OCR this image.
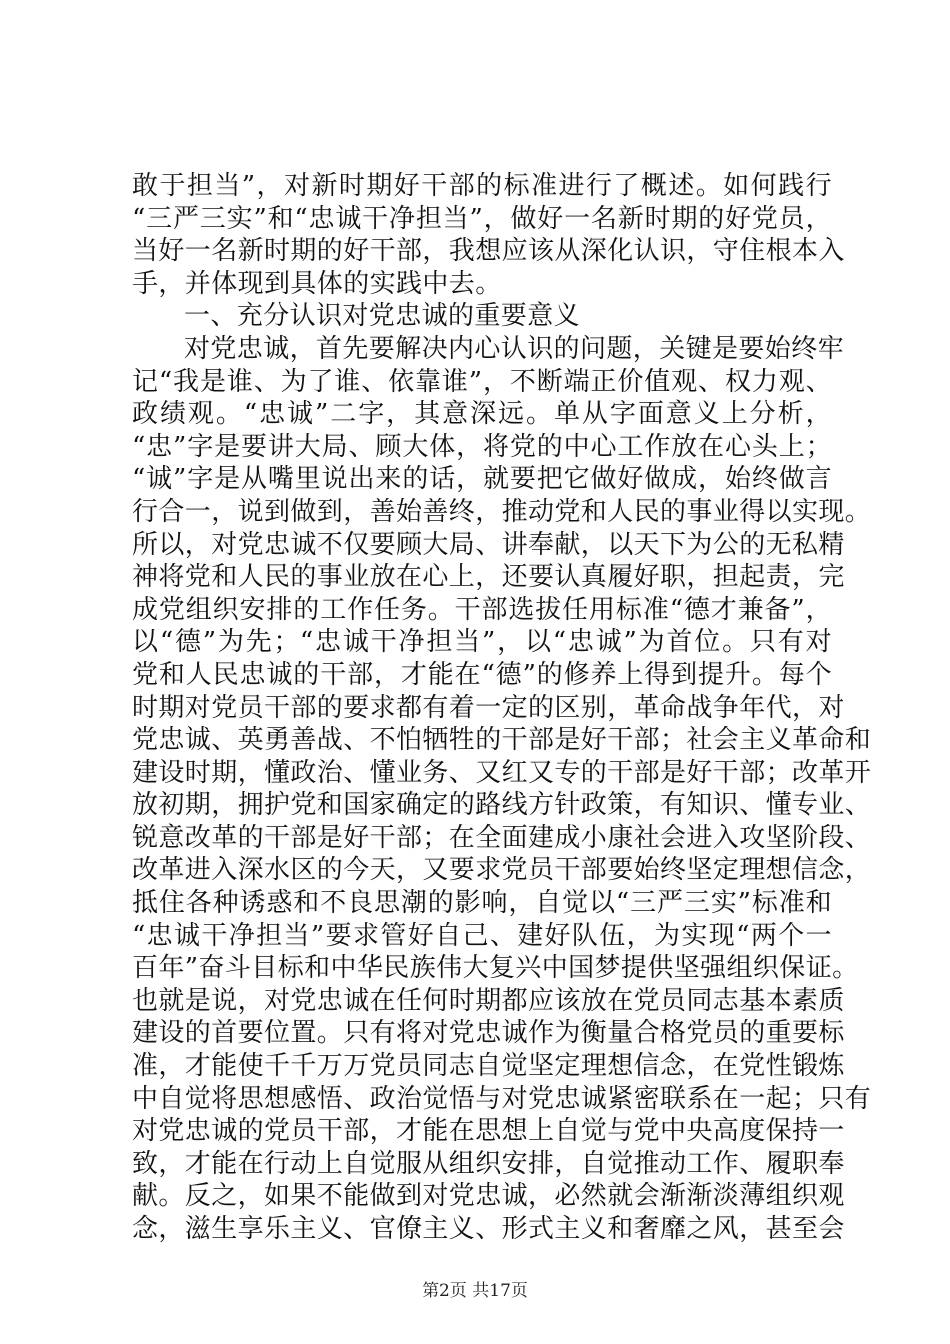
敢于担当”，对新时期好干部的标准进行了概述。如何践行
“三严三实”和“忠诚干净担当”，做好一名新时期的好党员，
当好一名新时期的好干部，我想应该从深化认识，守住根本入
手，并体现到具体的实践中去。
一、充分认识对党忠诚的重要意义
对党忠诚，首先要解决内心认识的问题，关键是要始终牢
记“我是谁、为了谁、依靠谁”，不断端正价值观、权力观、
政绩观。“忠诚”二字，其意深远。单从字面意义上分析，
“忠”字是要讲大局、顾大体，将党的中心工作放在心头上；
“诚”字是从嘴里说出来的话，就要把它做好做成，始终做言
行合一，说到做到，善始善终，推动党和人民的事业得以实现。
所以，对党忠诚不仅要顾大局、讲奉献，以天下为公的无私精
神将党和人民的事业放在心上，还要认真履好职，担起责，完
成党组织安排的工作任务。干部选拔任用标准“德才兼备”，
以“德”为先；“忠诚干净担当”，以“忠诚”为首位。只有对
党和人民忠诚的干部，才能在“德”的修养上得到提升。每个
时期对党员干部的要求都有着一定的区别，革命战争年代，对
党忠诚、英勇善战、不怕牺牲的干部是好干部；社会主义革命和
建设时期，懂政治、懂业务、又红又专的干部是好干部；改革开
放初期，拥护党和国家确定的路线方针政策，有知识、懂专业、
锐意改革的干部是好干部；在全面建成小康社会进入攻坚阶段、
改革进入深水区的今天，又要求党员干部要始终坚定理想信念，
抵住各种诱惑和不良思潮的影响，自觉以“三严三实”标准和
“忠诚干净担当”要求管好自己、建好队伍，为实现“两个一
百年”奋斗目标和中华民族伟大复兴中国梦提供坚强组织保证。
也就是说，对党忠诚在任何时期都应该放在党员同志基本素质
建设的首要位置。只有将对党忠诚作为衡量合格党员的重要标
准，才能使千千万万党员同志自觉坚定理想信念，在党性锻炼
中自觉将思想感悟、政治觉悟与对党忠诚紧密联系在一起；只有
对党忠诚的党员干部，才能在思想上自觉与党中央高度保持一
致，才能在行动上自觉服从组织安排，自觉推动工作、履职奉
献。反之，如果不能做到对党忠诚，必然就会渐渐淡薄组织观
念，滋生享乐主义、官僚主义、形式主义和奢靡之风，甚至会
第2页 共17页
